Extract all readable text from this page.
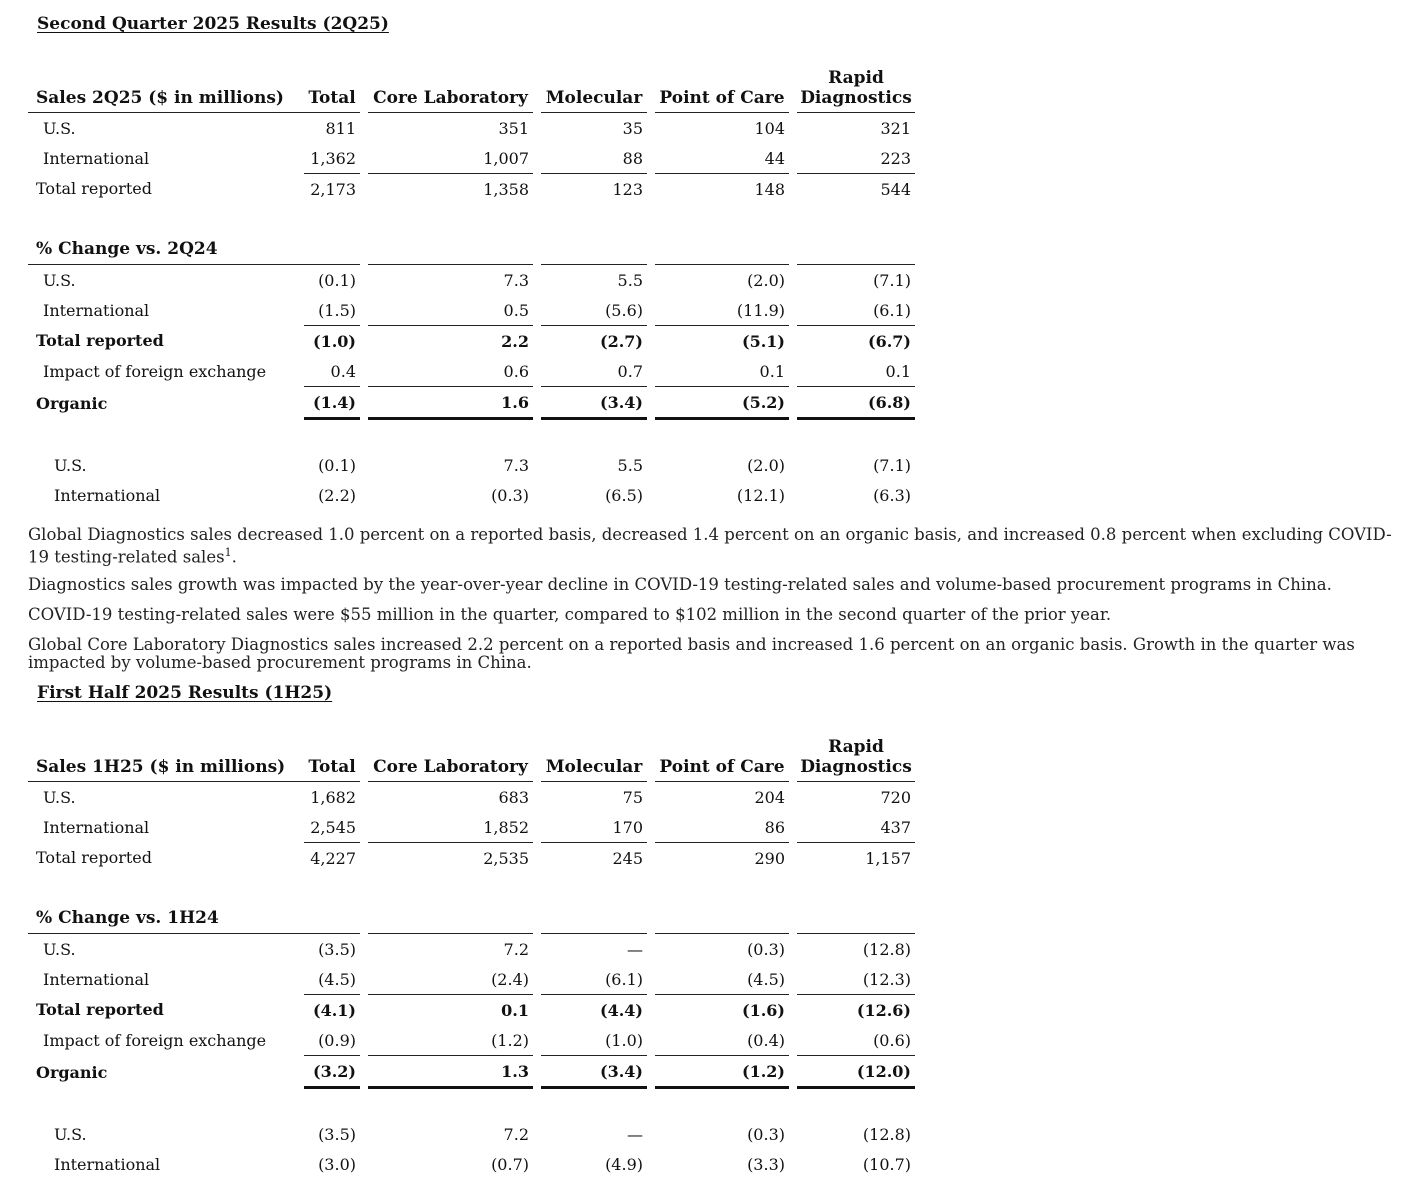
Second Quarter 2025 Results (2Q25)
Sales 2Q25 ($ in millions)	Total		Core Laboratory		Molecular		Point of Care		Rapid
Diagnostics
U.S.	811		351		35		104		321
International	1,362		1,007		88		44		223
Total reported	2,173		1,358		123		148		544

% Change vs. 2Q24									
U.S.	(0.1)		7.3		5.5		(2.0)		(7.1)
International	(1.5)		0.5		(5.6)		(11.9)		(6.1)
Total reported	(1.0)		2.2		(2.7)		(5.1)		(6.7)
Impact of foreign exchange	0.4		0.6		0.7		0.1		0.1
Organic	(1.4)		1.6		(3.4)		(5.2)		(6.8)

U.S.	(0.1)		7.3		5.5		(2.0)		(7.1)
International	(2.2)		(0.3)		(6.5)		(12.1)		(6.3)

Global Diagnostics sales decreased 1.0 percent on a reported basis, decreased 1.4 percent on an organic basis, and increased 0.8 percent when excluding COVID-19 testing-related sales$^1$.

Diagnostics sales growth was impacted by the year-over-year decline in COVID-19 testing-related sales and volume-based procurement programs in China.

COVID-19 testing-related sales were $55 million in the quarter, compared to $102 million in the second quarter of the prior year.

Global Core Laboratory Diagnostics sales increased 2.2 percent on a reported basis and increased 1.6 percent on an organic basis. Growth in the quarter was impacted by volume-based procurement programs in China.

First Half 2025 Results (1H25)
Sales 1H25 ($ in millions)	Total		Core Laboratory		Molecular		Point of Care		Rapid
Diagnostics
U.S.	1,682		683		75		204		720
International	2,545		1,852		170		86		437
Total reported	4,227		2,535		245		290		1,157

% Change vs. 1H24									
U.S.	(3.5)		7.2		—		(0.3)		(12.8)
International	(4.5)		(2.4)		(6.1)		(4.5)		(12.3)
Total reported	(4.1)		0.1		(4.4)		(1.6)		(12.6)
Impact of foreign exchange	(0.9)		(1.2)		(1.0)		(0.4)		(0.6)
Organic	(3.2)		1.3		(3.4)		(1.2)		(12.0)

U.S.	(3.5)		7.2		—		(0.3)		(12.8)
International	(3.0)		(0.7)		(4.9)		(3.3)		(10.7)
